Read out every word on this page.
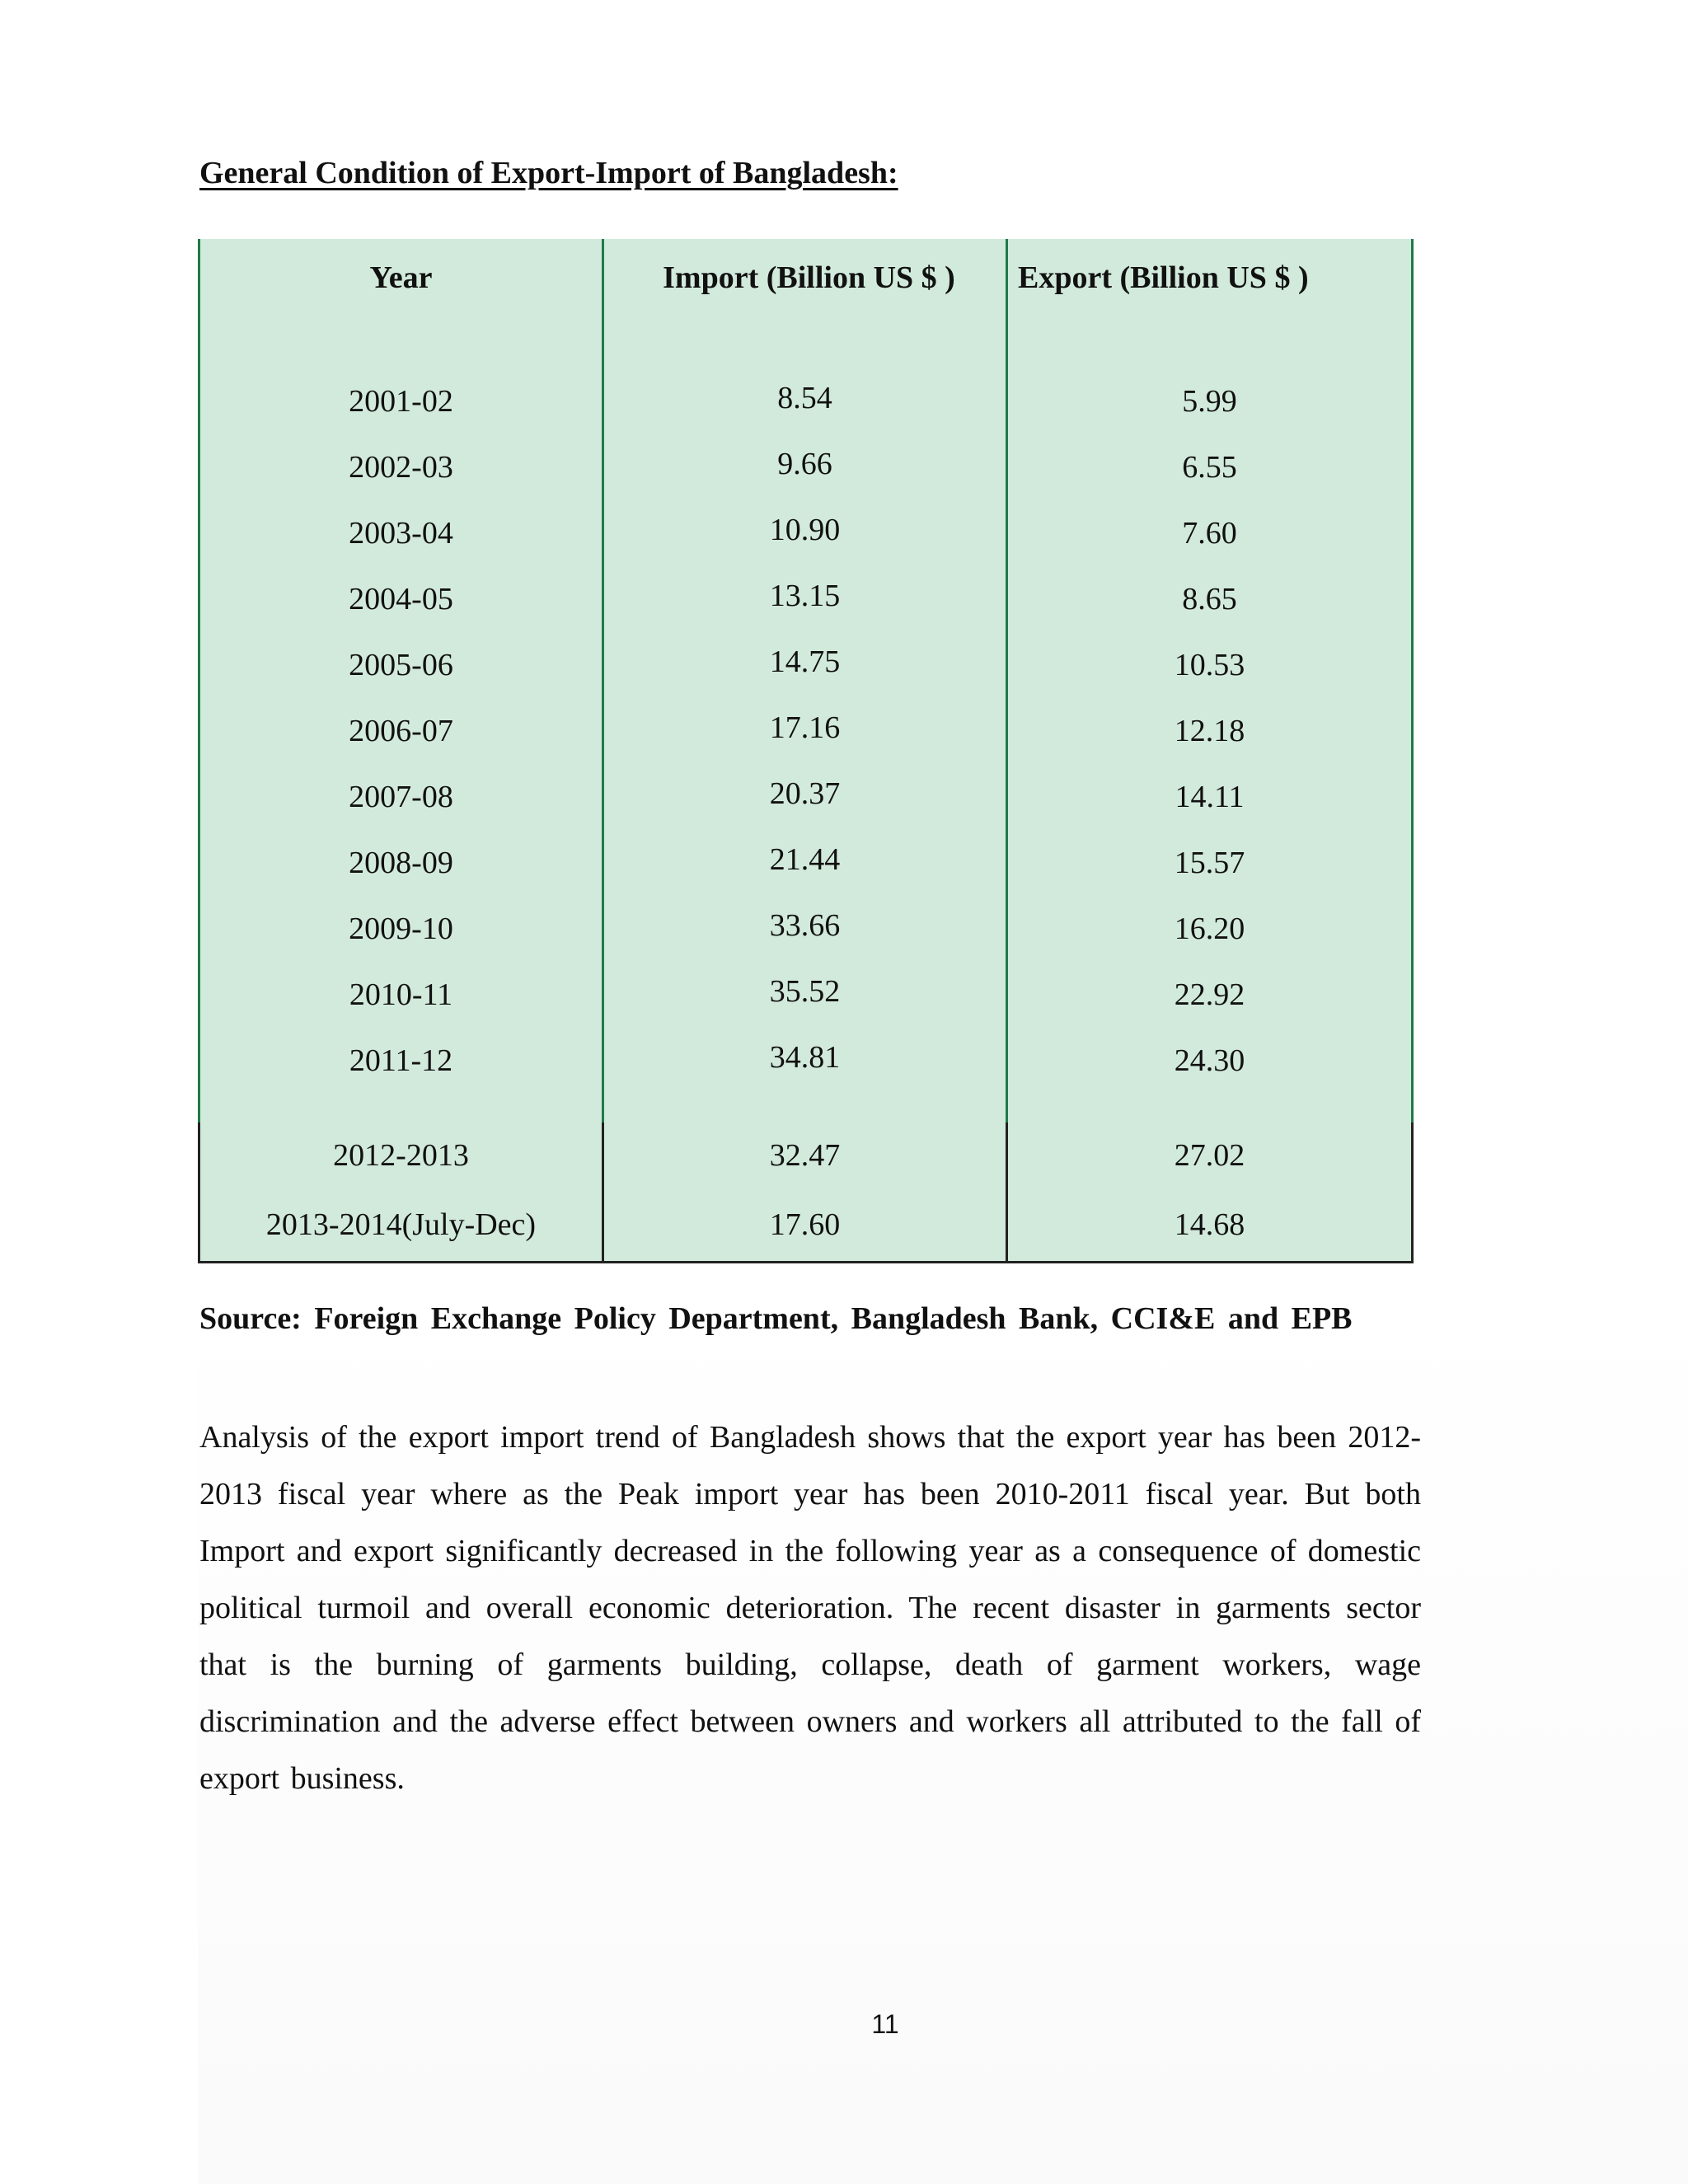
General Condition of Export-Import of Bangladesh:
Year	Import (Billion US $ )	Export (Billion US $ )
2001-02	8.54	5.99
2002-03	9.66	6.55
2003-04	10.90	7.60
2004-05	13.15	8.65
2005-06	14.75	10.53
2006-07	17.16	12.18
2007-08	20.37	14.11
2008-09	21.44	15.57
2009-10	33.66	16.20
2010-11	35.52	22.92
2011-12	34.81	24.30
2012-2013	32.47	27.02
2013-2014(July-Dec)	17.60	14.68
Source: Foreign Exchange Policy Department, Bangladesh Bank, CCI&E and EPB
Analysis of the export import trend of Bangladesh shows that the export year has been 2012-2013 fiscal year where as the Peak import year has been 2010-2011 fiscal year. But both Import and export significantly decreased in the following year as a consequence of domestic political turmoil and overall economic deterioration. The recent disaster in garments sector that is the burning of garments building, collapse, death of garment workers, wage discrimination and the adverse effect between owners and workers all attributed to the fall of export business.
11
